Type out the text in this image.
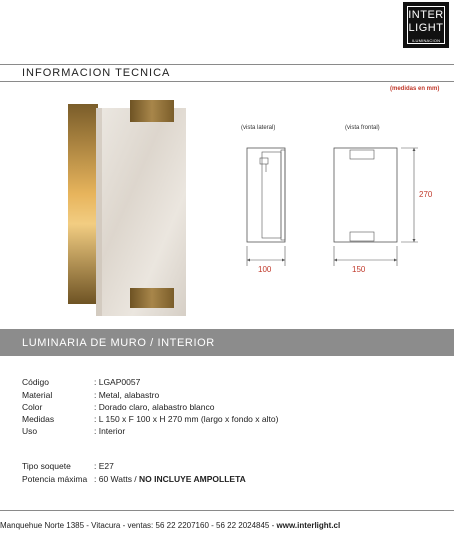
INTER
LIGHT
ILUMINACION
INFORMACION TECNICA
(medidas en mm)
(vista lateral)
100
(vista frontal)
150
270
LUMINARIA DE MURO / INTERIOR
Código	: LGAP0057
Material	: Metal, alabastro
Color	: Dorado claro, alabastro blanco
Medidas	: L 150 x F 100 x H 270 mm (largo x fondo x alto)
Uso	: Interior
Tipo soquete	: E27
Potencia máxima : 60 Watts / NO INCLUYE AMPOLLETA
Manquehue Norte 1385 - Vitacura - ventas: 56 22 2207160 - 56 22 2024845 - www.interlight.cl
